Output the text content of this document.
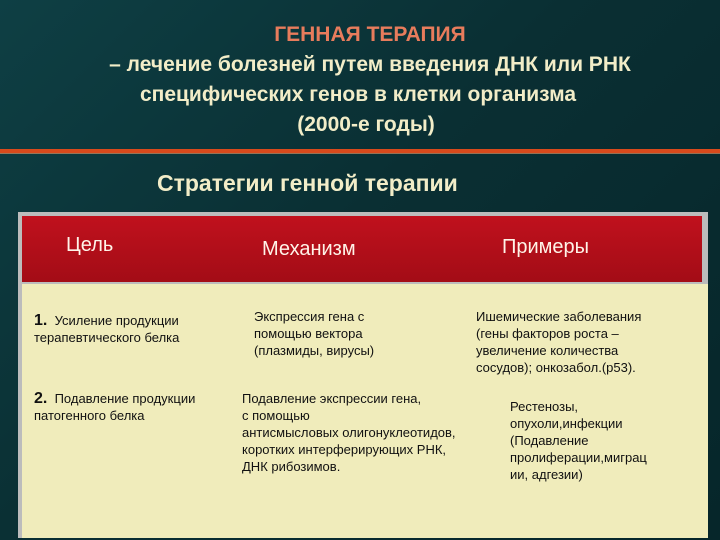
ГЕННАЯ ТЕРАПИЯ
– лечение болезней путем введения ДНК или РНК
специфических генов в клетки организма
(2000-е годы)
Стратегии генной терапии
Цель	Механизм	Примеры
1. Усиление продукции
терапевтического белка
Экспрессия гена с
помощью вектора
(плазмиды, вирусы)
Ишемические заболевания
(гены факторов роста –
увеличение количества
сосудов); онкозабол.(p53).
2. Подавление продукции
патогенного белка
Подавление экспрессии гена,
с помощью
антисмысловых олигонуклеотидов,
коротких интерферирующих РНК,
ДНК рибозимов.
Рестенозы,
опухоли,инфекции
(Подавление
пролиферации,миграц
ии, адгезии)
